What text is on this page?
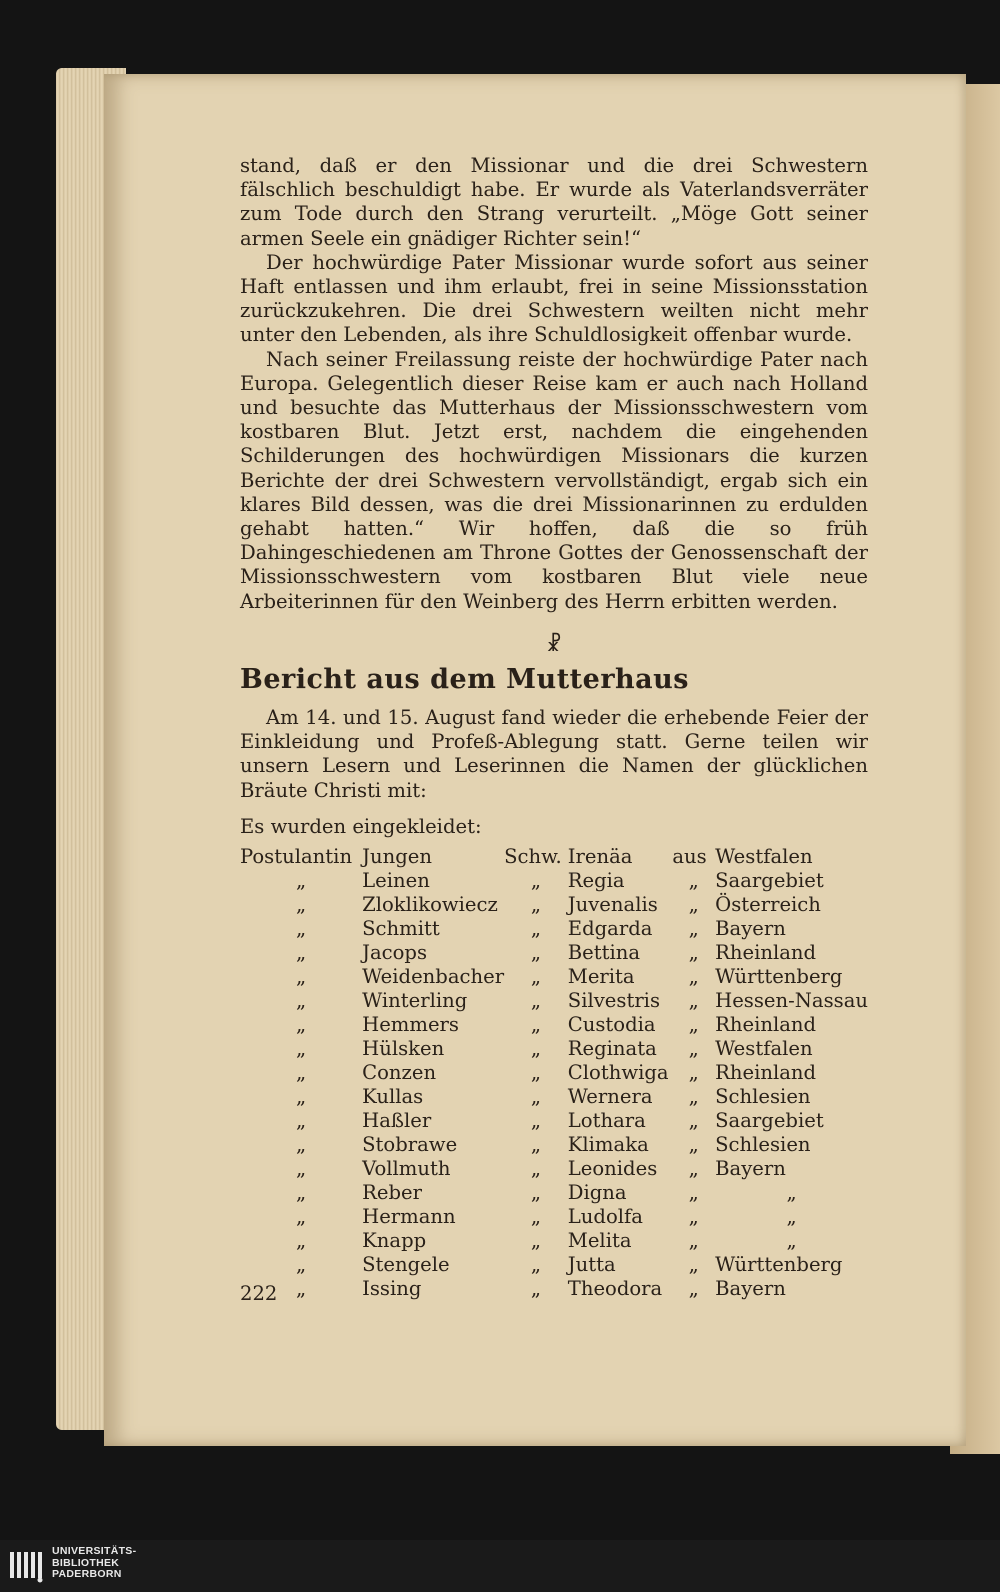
stand, daß er den Missionar und die drei Schwestern fälschlich beschuldigt habe. Er wurde als Vaterlandsverräter zum Tode durch den Strang verurteilt. „Möge Gott seiner armen Seele ein gnädiger Richter sein!“

Der hochwürdige Pater Missionar wurde sofort aus seiner Haft entlassen und ihm erlaubt, frei in seine Missionsstation zurückzukehren. Die drei Schwestern weilten nicht mehr unter den Lebenden, als ihre Schuldlosigkeit offenbar wurde.

Nach seiner Freilassung reiste der hochwürdige Pater nach Europa. Gelegentlich dieser Reise kam er auch nach Holland und besuchte das Mutterhaus der Missionsschwestern vom kostbaren Blut. Jetzt erst, nachdem die eingehenden Schilderungen des hochwürdigen Missionars die kurzen Berichte der drei Schwestern vervollständigt, ergab sich ein klares Bild dessen, was die drei Missionarinnen zu erdulden gehabt hatten.“ Wir hoffen, daß die so früh Dahingeschiedenen am Throne Gottes der Genossenschaft der Missionsschwestern vom kostbaren Blut viele neue Arbeiterinnen für den Weinberg des Herrn erbitten werden.

☧
Bericht aus dem Mutterhaus

Am 14. und 15. August fand wieder die erhebende Feier der Einkleidung und Profeß-Ablegung statt. Gerne teilen wir unsern Lesern und Leserinnen die Namen der glücklichen Bräute Christi mit:

Es wurden eingekleidet:
Postulantin	Jungen	Schw.	Irenäa	aus	Westfalen
„	Leinen	„	Regia	„	Saargebiet
„	Zloklikowiecz	„	Juvenalis	„	Österreich
„	Schmitt	„	Edgarda	„	Bayern
„	Jacops	„	Bettina	„	Rheinland
„	Weidenbacher	„	Merita	„	Württenberg
„	Winterling	„	Silvestris	„	Hessen-Nassau
„	Hemmers	„	Custodia	„	Rheinland
„	Hülsken	„	Reginata	„	Westfalen
„	Conzen	„	Clothwiga	„	Rheinland
„	Kullas	„	Wernera	„	Schlesien
„	Haßler	„	Lothara	„	Saargebiet
„	Stobrawe	„	Klimaka	„	Schlesien
„	Vollmuth	„	Leonides	„	Bayern
„	Reber	„	Digna	„	„
„	Hermann	„	Ludolfa	„	„
„	Knapp	„	Melita	„	„
„	Stengele	„	Jutta	„	Württenberg
„	Issing	„	Theodora	„	Bayern
222
UNIVERSITÄTS-
BIBLIOTHEK
PADERBORN
